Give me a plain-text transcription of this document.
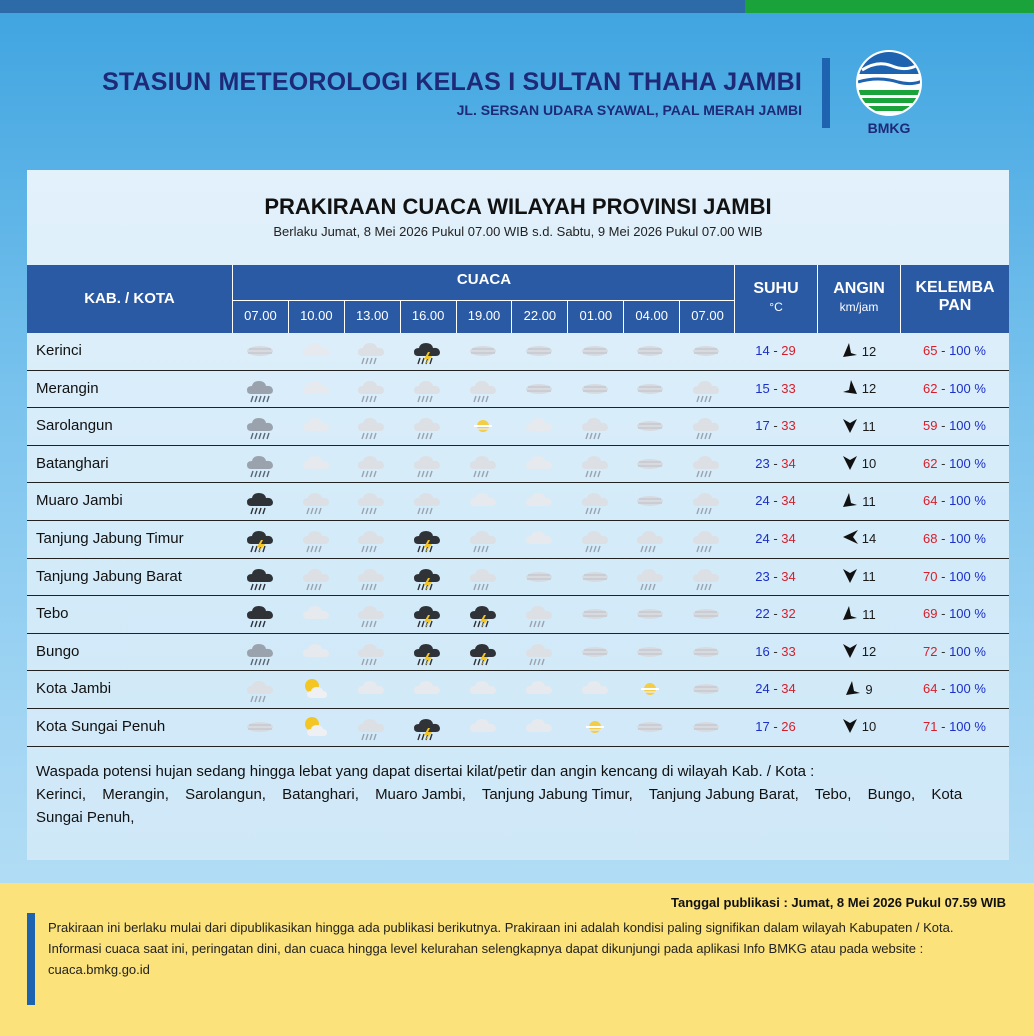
STASIUN METEOROLOGI KELAS I SULTAN THAHA JAMBI
JL. SERSAN UDARA SYAWAL, PAAL MERAH JAMBI
BMKG
PRAKIRAAN CUACA WILAYAH PROVINSI JAMBI
Berlaku Jumat, 8 Mei 2026 Pukul 07.00 WIB s.d. Sabtu, 9 Mei 2026 Pukul 07.00 WIB
KAB. / KOTA
CUACA
07.00	10.00	13.00	16.00	19.00	22.00	01.00	04.00	07.00
SUHU
°C
ANGIN
km/jam
KELEMBA
PAN
Kerinci	14 - 29	12	65 - 100 %
Merangin	15 - 33	12	62 - 100 %
Sarolangun	17 - 33	11	59 - 100 %
Batanghari	23 - 34	10	62 - 100 %
Muaro Jambi	24 - 34	11	64 - 100 %
Tanjung Jabung Timur	24 - 34	14	68 - 100 %
Tanjung Jabung Barat	23 - 34	11	70 - 100 %
Tebo	22 - 32	11	69 - 100 %
Bungo	16 - 33	12	72 - 100 %
Kota Jambi	24 - 34	9	64 - 100 %
Kota Sungai Penuh	17 - 26	10	71 - 100 %
Waspada potensi hujan sedang hingga lebat yang dapat disertai kilat/petir dan angin kencang di wilayah Kab. / Kota :
Kerinci, Merangin, Sarolangun, Batanghari, Muaro Jambi, Tanjung Jabung Timur, Tanjung Jabung Barat, Tebo, Bungo, Kota Sungai Penuh,
Tanggal publikasi : Jumat, 8 Mei 2026 Pukul 07.59 WIB
Prakiraan ini berlaku mulai dari dipublikasikan hingga ada publikasi berikutnya. Prakiraan ini adalah kondisi paling signifikan dalam wilayah Kabupaten / Kota. Informasi cuaca saat ini, peringatan dini, dan cuaca hingga level kelurahan selengkapnya dapat dikunjungi pada aplikasi Info BMKG atau pada website : cuaca.bmkg.go.id
